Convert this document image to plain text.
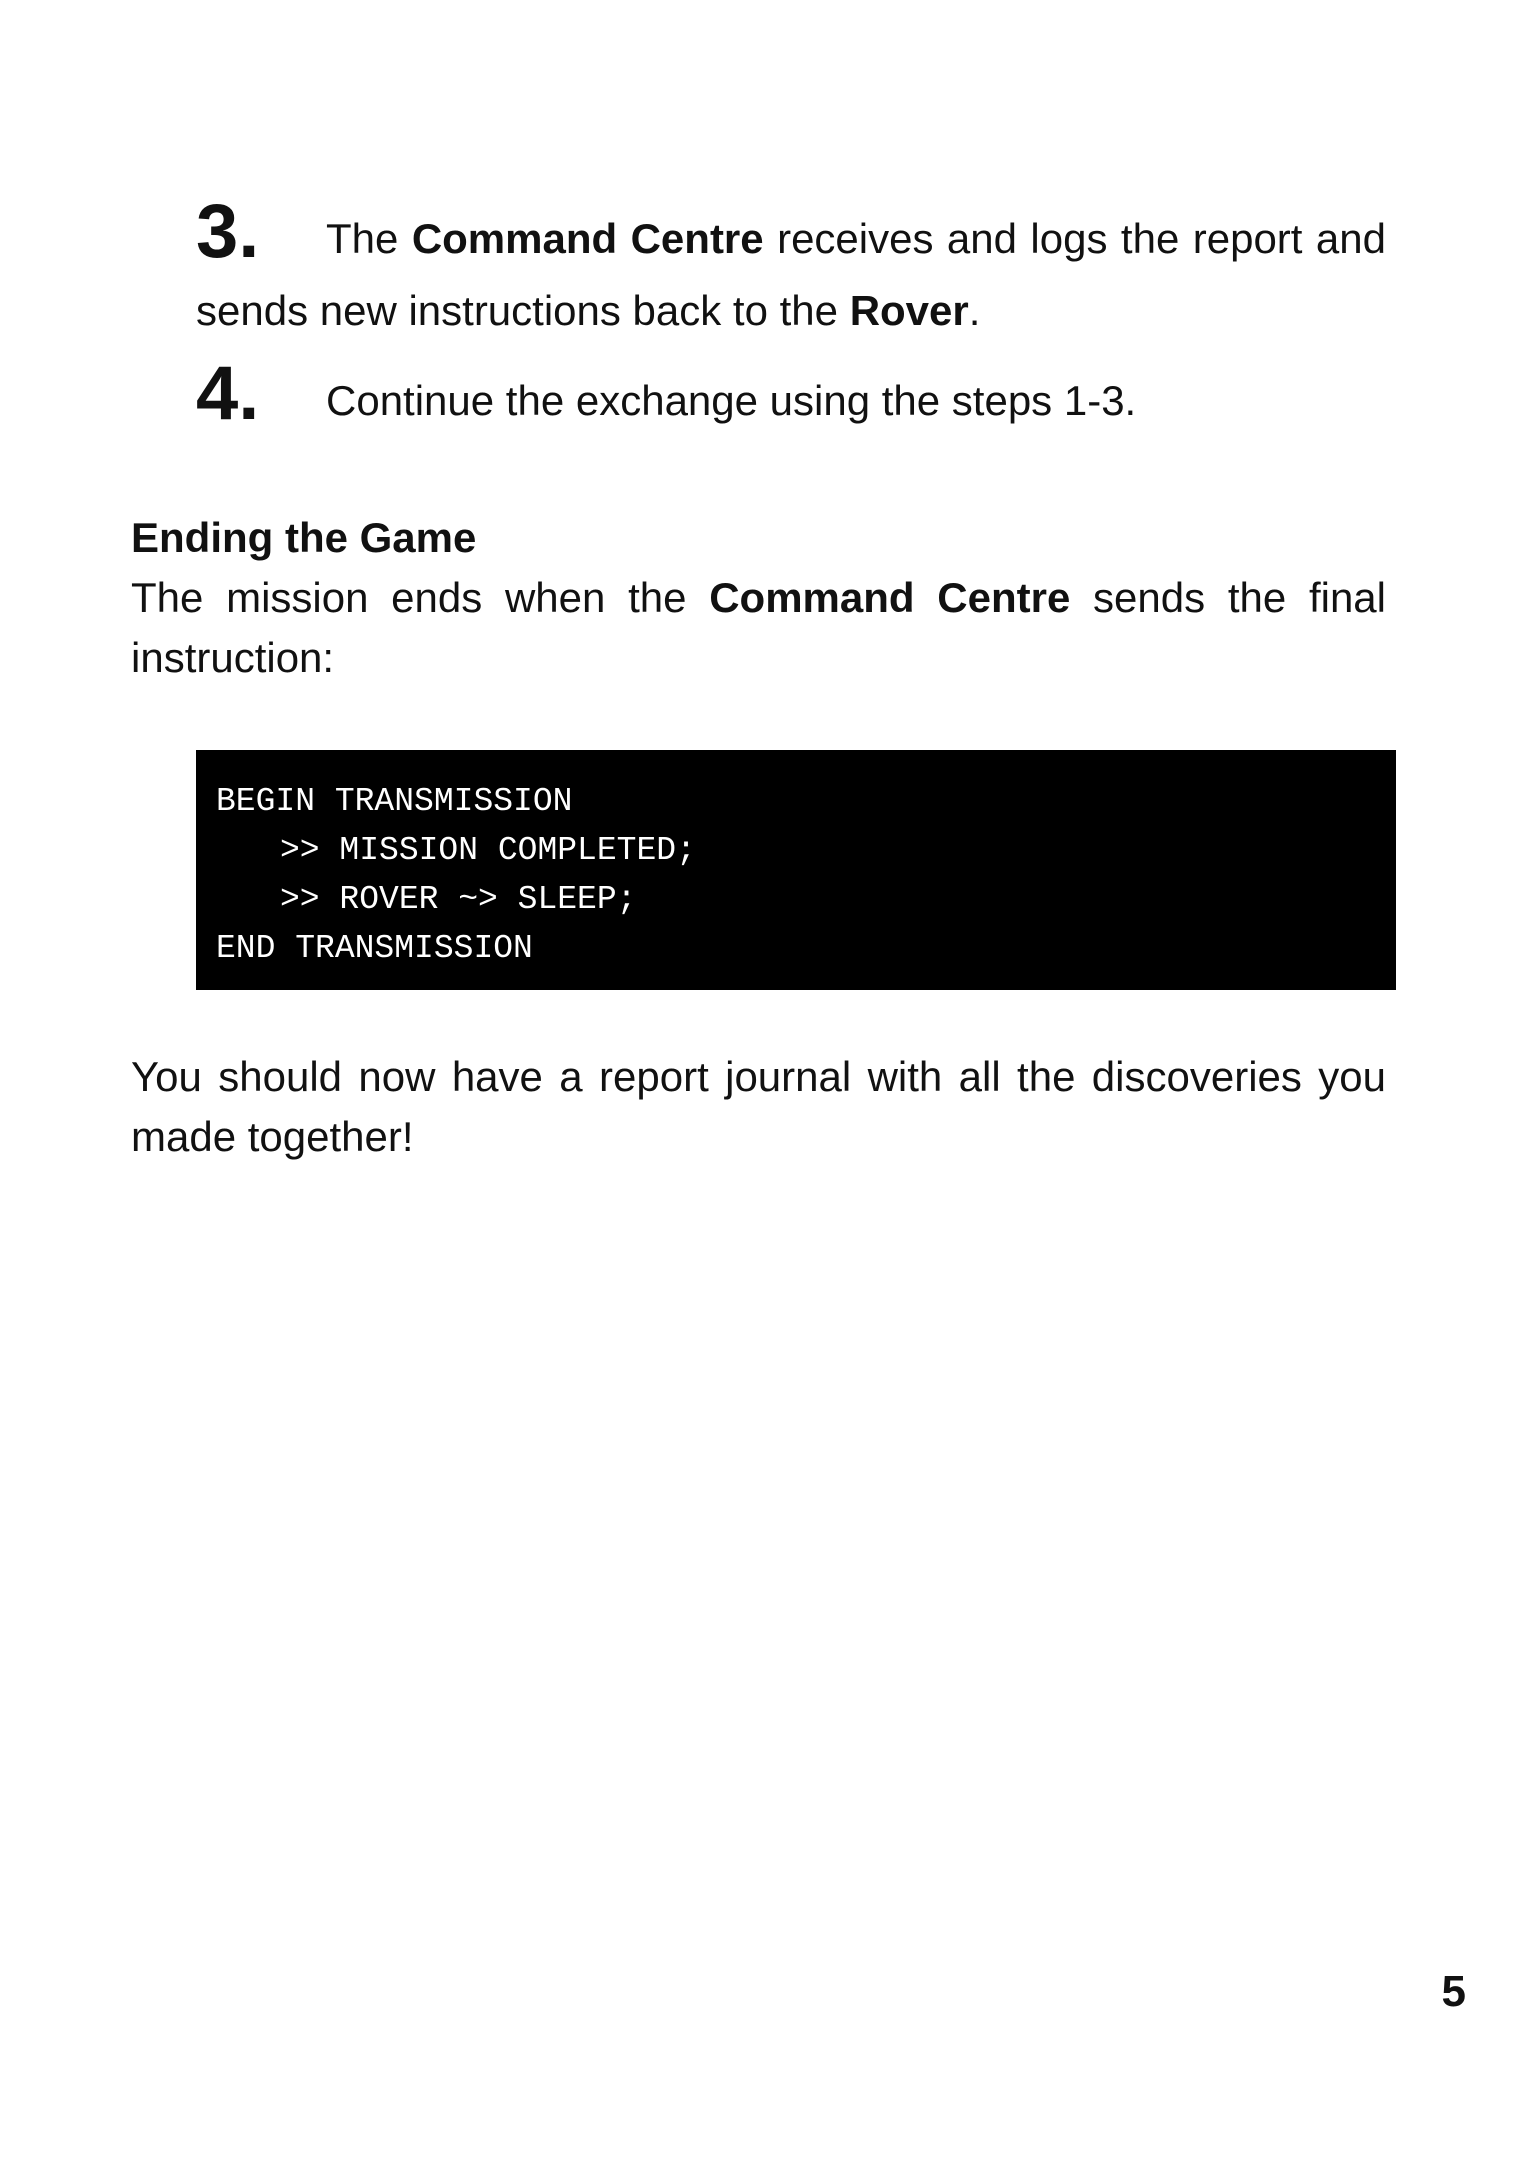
3. The Command Centre receives and logs the report and
sends new instructions back to the Rover.
4. Continue the exchange using the steps 1-3.
Ending the Game
The mission ends when the Command Centre sends the final
instruction:
BEGIN TRANSMISSION
>> MISSION COMPLETED;
>> ROVER ~> SLEEP;
END TRANSMISSION
You should now have a report journal with all the discoveries you
made together!
5
